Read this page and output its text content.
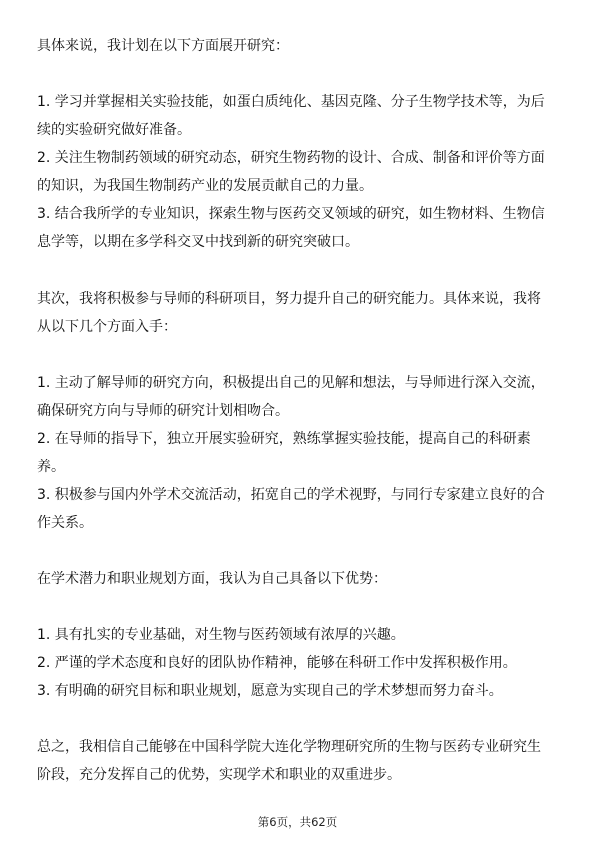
具体来说，我计划在以下方面展开研究：
1. 学习并掌握相关实验技能，如蛋白质纯化、基因克隆、分子生物学技术等，为后
续的实验研究做好准备。
2. 关注生物制药领域的研究动态，研究生物药物的设计、合成、制备和评价等方面
的知识，为我国生物制药产业的发展贡献自己的力量。
3. 结合我所学的专业知识，探索生物与医药交叉领域的研究，如生物材料、生物信
息学等，以期在多学科交叉中找到新的研究突破口。
其次，我将积极参与导师的科研项目，努力提升自己的研究能力。具体来说，我将
从以下几个方面入手：
1. 主动了解导师的研究方向，积极提出自己的见解和想法，与导师进行深入交流，
确保研究方向与导师的研究计划相吻合。
2. 在导师的指导下，独立开展实验研究，熟练掌握实验技能，提高自己的科研素
养。
3. 积极参与国内外学术交流活动，拓宽自己的学术视野，与同行专家建立良好的合
作关系。
在学术潜力和职业规划方面，我认为自己具备以下优势：
1. 具有扎实的专业基础，对生物与医药领域有浓厚的兴趣。
2. 严谨的学术态度和良好的团队协作精神，能够在科研工作中发挥积极作用。
3. 有明确的研究目标和职业规划，愿意为实现自己的学术梦想而努力奋斗。
总之，我相信自己能够在中国科学院大连化学物理研究所的生物与医药专业研究生
阶段，充分发挥自己的优势，实现学术和职业的双重进步。
第6页，共62页
